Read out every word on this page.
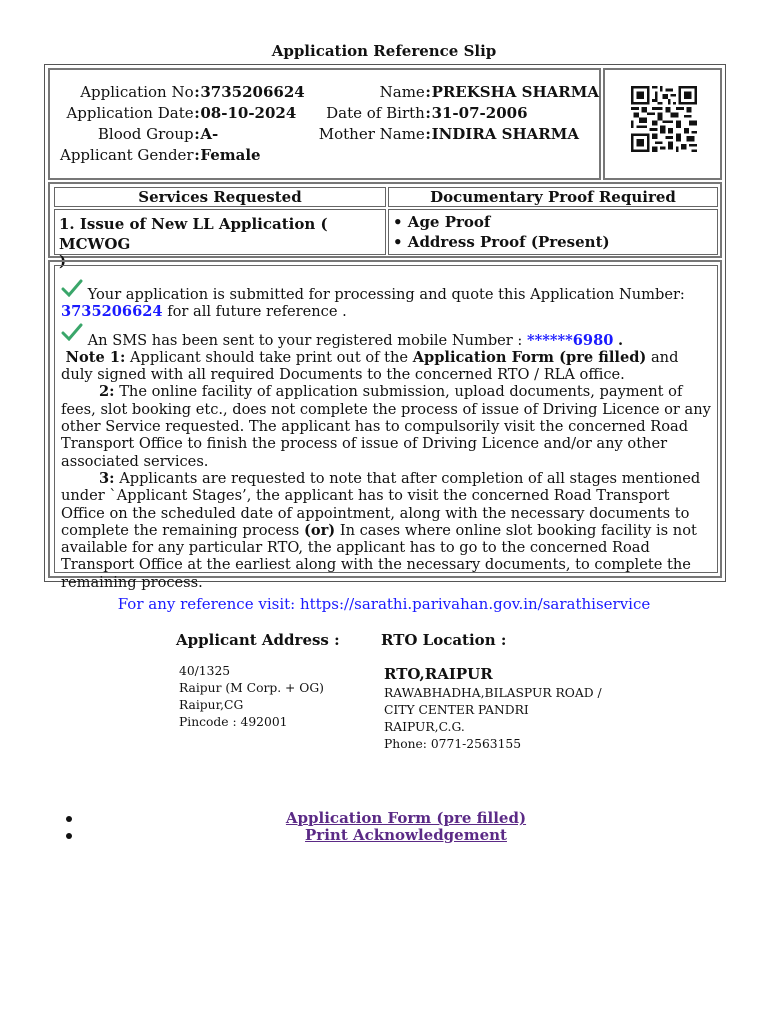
Application Reference Slip
Application No	:	3735206624	Name	:	PREKSHA SHARMA
Application Date	:	08-10-2024	Date of Birth	:	31-07-2006
Blood Group	:	A-	Mother Name	:	INDIRA SHARMA
Applicant Gender	:	Female			
Services Requested	Documentary Proof Required
1. Issue of New LL Application ( MCWOG
)
• Age Proof
• Address Proof (Present)

Your application is submitted for processing and quote this Application Number:
3735206624 for all future reference .

An SMS has been sent to your registered mobile Number : ******6980 .

Note 1: Applicant should take print out of the Application Form (pre filled) and duly signed with all required Documents to the concerned RTO / RLA office.

2: The online facility of application submission, upload documents, payment of fees, slot booking etc., does not complete the process of issue of Driving Licence or any other Service requested. The applicant has to compulsorily visit the concerned Road Transport Office to finish the process of issue of Driving Licence and/or any other associated services.

3: Applicants are requested to note that after completion of all stages mentioned under `Applicant Stages’, the applicant has to visit the concerned Road Transport Office on the scheduled date of appointment, along with the necessary documents to complete the remaining process (or) In cases where online slot booking facility is not available for any particular RTO, the applicant has to go to the concerned Road Transport Office at the earliest along with the necessary documents, to complete the remaining process.

For any reference visit: https://sarathi.parivahan.gov.in/sarathiservice
Applicant Address :	RTO Location :
40/1325
Raipur (M Corp. + OG)
Raipur,CG
Pincode : 492001
RTO,RAIPUR
RAWABHADHA,BILASPUR ROAD /
CITY CENTER PANDRI
RAIPUR,C.G.
Phone: 0771-2563155
Application Form (pre filled)
Print Acknowledgement
